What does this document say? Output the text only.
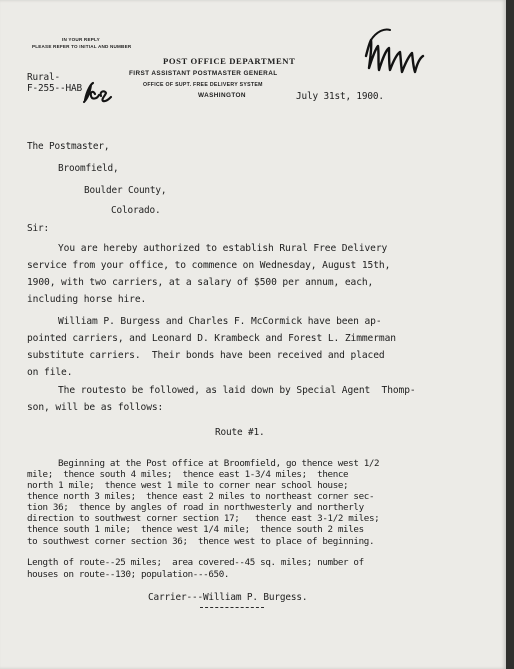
IN YOUR REPLY
PLEASE REFER TO INITIAL AND NUMBER
Rural-
F-255--HAB
POST OFFICE DEPARTMENT
FIRST ASSISTANT POSTMASTER GENERAL
OFFICE OF SUPT. FREE DELIVERY SYSTEM
WASHINGTON	July 31st, 1900.
The Postmaster,
Broomfield,
Boulder County,
Colorado.
Sir:
You are hereby authorized to establish Rural Free Delivery
service from your office, to commence on Wednesday, August 15th,
1900, with two carriers, at a salary of $500 per annum, each,
including horse hire.
William P. Burgess and Charles F. McCormick have been ap-
pointed carriers, and Leonard D. Krambeck and Forest L. Zimmerman
substitute carriers.  Their bonds have been received and placed
on file.
The routesto be followed, as laid down by Special Agent  Thomp-
son, will be as follows:
Route #1.
Beginning at the Post office at Broomfield, go thence west 1/2
mile;  thence south 4 miles;  thence east 1-3/4 miles;  thence
north 1 mile;  thence west 1 mile to corner near school house;
thence north 3 miles;  thence east 2 miles to northeast corner sec-
tion 36;  thence by angles of road in northwesterly and northerly
direction to southwest corner section 17;   thence east 3-1/2 miles;
thence south 1 mile;  thence west 1/4 mile;  thence south 2 miles
to southwest corner section 36;  thence west to place of beginning.
Length of route--25 miles;  area covered--45 sq. miles; number of
houses on route--130; population---650.
Carrier---William P. Burgess.
